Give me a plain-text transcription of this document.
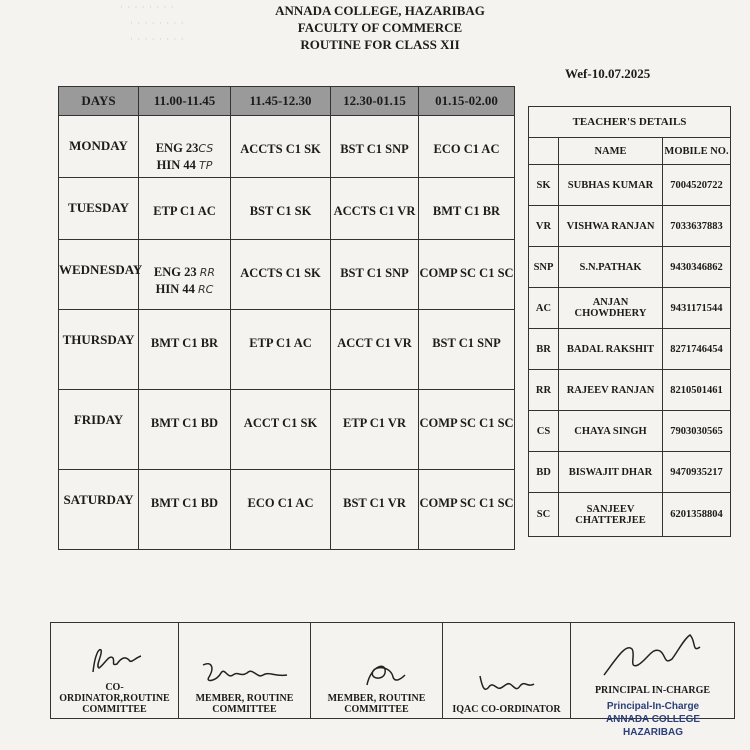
· · · · · · · ·
· · · · · · · ·
· · · · · · · ·
ANNADA COLLEGE, HAZARIBAG
FACULTY OF COMMERCE
ROUTINE FOR CLASS XII
Wef-10.07.2025
DAYS	11.00-11.45	11.45-12.30	12.30-01.15	01.15-02.00
MONDAY	ENG 23CS
HIN 44 TP	ACCTS C1 SK	BST C1 SNP	ECO C1 AC
TUESDAY	ETP C1 AC	BST C1 SK	ACCTS C1 VR	BMT C1 BR
WEDNESDAY	ENG 23 RR
HIN 44 RC	ACCTS C1 SK	BST C1 SNP	COMP SC C1 SC
THURSDAY	BMT C1 BR	ETP C1 AC	ACCT C1 VR	BST C1 SNP
FRIDAY	BMT C1 BD	ACCT C1 SK	ETP C1 VR	COMP SC C1 SC
SATURDAY	BMT C1 BD	ECO C1 AC	BST C1 VR	COMP SC C1 SC
TEACHER'S DETAILS		
	NAME	MOBILE NO.
SK	SUBHAS KUMAR	7004520722
VR	VISHWA RANJAN	7033637883
SNP	S.N.PATHAK	9430346862
AC	ANJAN CHOWDHERY	9431171544
BR	BADAL RAKSHIT	8271746454
RR	RAJEEV RANJAN	8210501461
CS	CHAYA SINGH	7903030565
BD	BISWAJIT DHAR	9470935217
SC	SANJEEV CHATTERJEE	6201358804
CO-ORDINATOR,ROUTINE COMMITTEE	
MEMBER, ROUTINE COMMITTEE	
MEMBER, ROUTINE COMMITTEE	IQAC CO-ORDINATOR	
PRINCIPAL IN-CHARGE
Principal-In-Charge
ANNADA COLLEGE
HAZARIBAG
